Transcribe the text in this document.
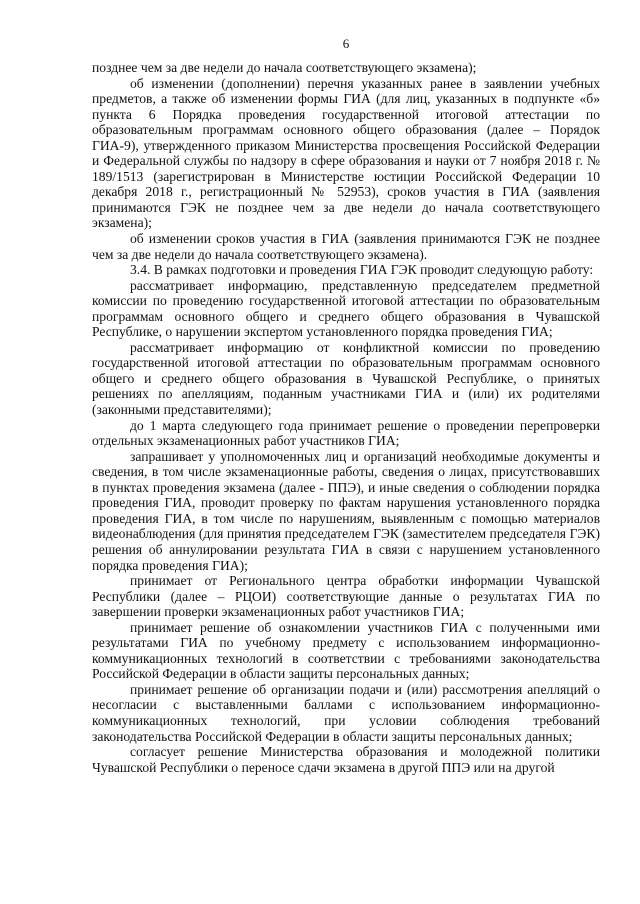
6

позднее чем за две недели до начала соответствующего экзамена);

об изменении (дополнении) перечня указанных ранее в заявлении учебных предметов, а также об изменении формы ГИА (для лиц, указанных в подпункте «б» пункта 6 Порядка проведения государственной итоговой аттестации по образовательным программам основного общего образования (далее – Порядок ГИА-9), утвержденного приказом Министерства просвещения Российской Федерации и Федеральной службы по надзору в сфере образования и науки от 7 ноября 2018 г. № 189/1513 (зарегистрирован в Министерстве юстиции Российской Федерации 10 декабря 2018 г., регистрационный № 52953), сроков участия в ГИА (заявления принимаются ГЭК не позднее чем за две недели до начала соответствующего экзамена);

об изменении сроков участия в ГИА (заявления принимаются ГЭК не позднее чем за две недели до начала соответствующего экзамена).

3.4. В рамках подготовки и проведения ГИА ГЭК проводит следующую работу:

рассматривает информацию, представленную председателем предметной комиссии по проведению государственной итоговой аттестации по образовательным программам основного общего и среднего общего образования в Чувашской Республике, о нарушении экспертом установленного порядка проведения ГИА;

рассматривает информацию от конфликтной комиссии по проведению государственной итоговой аттестации по образовательным программам основного общего и среднего общего образования в Чувашской Республике, о принятых решениях по апелляциям, поданным участниками ГИА и (или) их родителями (законными представителями);

до 1 марта следующего года принимает решение о проведении перепроверки отдельных экзаменационных работ участников ГИА;

запрашивает у уполномоченных лиц и организаций необходимые документы и сведения, в том числе экзаменационные работы, сведения о лицах, присутствовавших в пунктах проведения экзамена (далее - ППЭ), и иные сведения о соблюдении порядка проведения ГИА, проводит проверку по фактам нарушения установленного порядка проведения ГИА, в том числе по нарушениям, выявленным с помощью материалов видеонаблюдения (для принятия председателем ГЭК (заместителем председателя ГЭК) решения об аннулировании результата ГИА в связи с нарушением установленного порядка проведения ГИА);

принимает от Регионального центра обработки информации Чувашской Республики (далее – РЦОИ) соответствующие данные о результатах ГИА по завершении проверки экзаменационных работ участников ГИА;

принимает решение об ознакомлении участников ГИА с полученными ими результатами ГИА по учебному предмету с использованием информационно-коммуникационных технологий в соответствии с требованиями законодательства Российской Федерации в области защиты персональных данных;

принимает решение об организации подачи и (или) рассмотрения апелляций о несогласии с выставленными баллами с использованием информационно-коммуникационных технологий, при условии соблюдения требований законодательства Российской Федерации в области защиты персональных данных;

согласует решение Министерства образования и молодежной политики Чувашской Республики о переносе сдачи экзамена в другой ППЭ или на другой
